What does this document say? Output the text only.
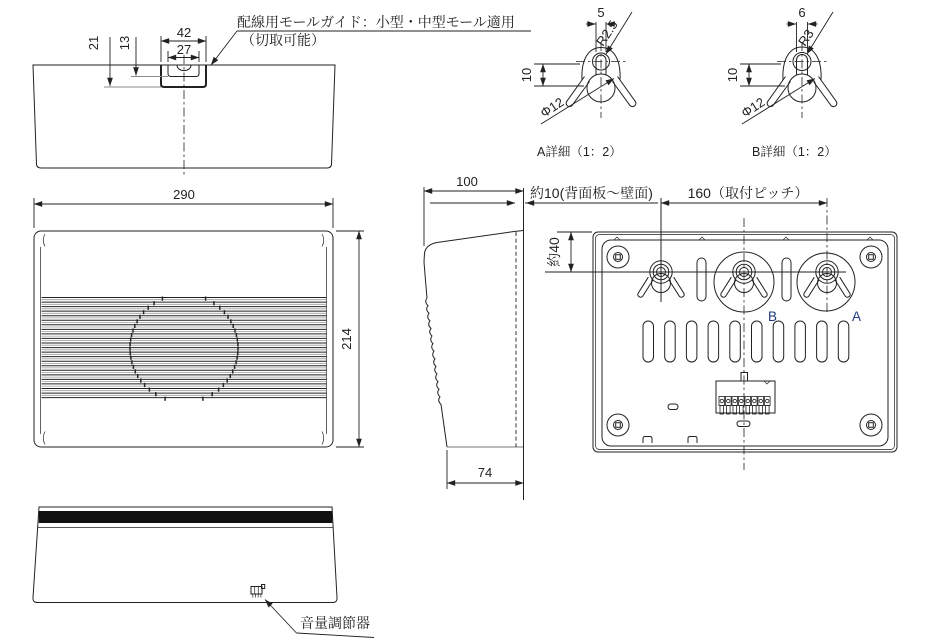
42
27
21 13
配線用モールガイド：小型・中型モール適用
（切取可能）
5
R2.5
10
Φ12
A詳細（1：2）
6
R3
10
Φ12
B詳細（1：2）
290
214
100
74
B	A
160（取付ピッチ）
約10(背面板～壁面)
約40
音量調節器
